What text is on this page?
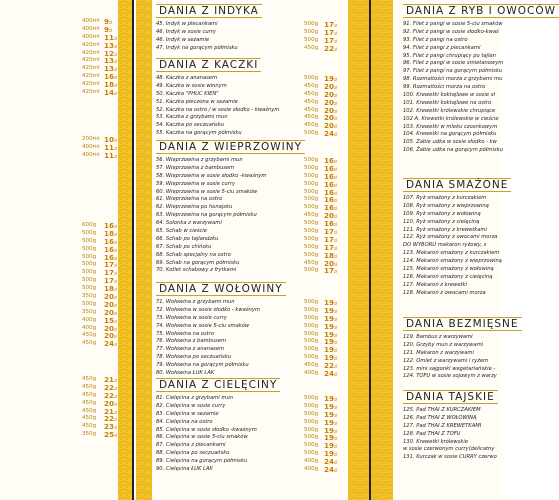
400ml 9zł
400ml 9zł
400ml 11zł
420ml 13zł
420ml 12zł
420ml 13zł
420ml 13zł
420ml 16zł
420ml 18zł
420ml 14zł
200ml 10zł
400ml 11zł
400ml 11zł
600g 16zł
500g 18zł
500g 16zł
500g 16zł
500g 16zł
500g 17zł
500g 17zł
500g 17zł
500g 18zł
350g 20zł
500g 20zł
350g 20zł
400g 15zł
400g 20zł
450g 20zł
450g 24zł
450g 21zł
450g 22zł
450g 22zł
450g 20zł
450g 21zł
450g 22zł
450g 23zł
350g 25zł
DANIA Z INDYKA
45. Indyk w plecankami	500g 17zł
46. Indyk w sosie curry	500g 17zł
46. Indyk w sezamie	500g 17zł
47. Indyk na gorącym półmisku	450g 22zł
DANIA Z KACZKI
48. Kaczka z ananasem	500g 19zł
49. Kaczka w sosie winnym	450g 20zł
50. Kaczka "PHUC KIEN"	450g 20zł
51. Kaczka pieczona w sezamie	450g 20zł
52. Kaczka na ostro / w sosie słodko - kwaśnym	450g 20zł
53. Kaczka z grzybami mun	450g 20zł
54. Kaczka po seczuańsku	450g 20zł
55. Kaczka na gorącym półmisku	500g 24zł
DANIA Z WIEPRZOWINY
56. Wieprzowina z grzybami mun	500g 16zł
57. Wieprzowina z bambusem	500g 16zł
58. Wieprzowina w sosie słodko -kwaśnym	500g 16zł
59. Wieprzowina w sosie curry	500g 16zł
60. Wieprzowina w sosie 5-ciu smaków	500g 16zł
61. Wieprzowina na ostro	500g 16zł
62. Wieprzowina po honajsku	500g 16zł
63. Wieprzowina na gorącym półmisku	450g 20zł
64. Sołonka z warzywami	500g 16zł
65. Schab w cieście	500g 17zł
66. Schab po tajlandzku	500g 17zł
67. Schab po chińsku	500g 17zł
68. Schab specjalny na ostro	500g 18zł
69. Schab na gorącym półmisku	450g 20zł
70. Kotlet schabowy z frytkami	500g 17zł
DANIA Z WOŁOWINY
71. Wołowina z grzybami mun	500g 19zł
72. Wołowina w sosie słodko - kwaśnym	500g 19zł
73. Wołowina w sosie curry	500g 19zł
74. Wołowina w sosie 5-ciu smaków	500g 19zł
75. Wołowina na ostro	500g 19zł
76. Wołowina z bambusem	500g 19zł
77. Wołowina z ananasem	500g 19zł
78. Wołowina po seczuańsku	500g 19zł
79. Wołowina na gorącym półmisku	450g 22zł
80. Wołowina ŁUK LAK	400g 24zł
DANIA Z CIELĘCINY
81. Cielęcina z grzybami mun	500g 19zł
82. Cielęcina w sosie curry	500g 19zł
83. Cielęcina w sezamie	500g 19zł
84. Cielęcina na ostro	500g 19zł
85. Cielęcina w sosie słodko -kwaśnym	500g 19zł
86. Cielęcina w sosie 5-ciu smaków	500g 19zł
87. Cielęcina z plecankami	500g 19zł
88. Cielęcina po seczuańsku	500g 19zł
89. Cielęcina na gorącym półmisku	400g 24zł
90. Cielęcina ŁUK LAK	400g 24zł
DANIA Z RYB I OWOCÓW
91. Filet z pangi w sosie 5-ciu smaków
92. Filet z pangi w sosie słodko-kwaś
93. Filet z pangi na ostro
94. Filet z pangi z plecankami
95. Filet z pangi chrupiący po tajlan
96. Filet z pangi w sosie śmietanowym
97. Filet z pangi na gorącym półmisku
98. Rozmaitości morza z grzybami mu
99. Rozmaitości morza na ostro
100. Krewetki koktajlowe w sosie sł
101. Krewetki koktajlowe na ostro
102. Krewetki królewskie chrupiące
102 A. Krewetki królewskie w cieście
103. Krewetki w mleku czosnkowym
104. Krewetki na gorącym półmisku
105. Zabie udka w sosie słodko - kw
106. Żabie udka na gorącym półmisku
DANIA SMAŻONE
107. Ryż smażony z kurczakiem
108. Ryż smażony z wieprzowiną
109. Ryż smażony z wołowiną
110. Ryż smażony z cielęciną
111. Ryż smażony z krewetkami
112. Ryż smażony z owocami morza
DO WYBORU makaron ryżowy, s
113. Makaron smażony z kurczakiem
114. Makaron smażony z wieprzowiną
115. Makaron smażony z wołowiną
116. Makaron smażony z cielęciną
117. Makaron z krewetki
118. Makaron z owocami morza
DANIA BEZMIĘSNE
119. Bambus z warzywami
120. Grzyby mun z warzywami
121. Makaron z warzywami
122. Omlet z warzywami i ryżem
123. mini sajgonki wegetariańskie -
124. TOFU w sosie sojowym z warzy
DANIA TAJSKIE
125. Pad THAI Z KURCZAKIEM
126. Pad THAI Z WOŁOWINĄ
127. Pad THAI Z KREWETKAMI
128. Pad THAI Z TOFU
130. Krewetki królewskie
w sosie czerwonym curry(delicatny
131. Kurczak w sosie CURRY czerwo
